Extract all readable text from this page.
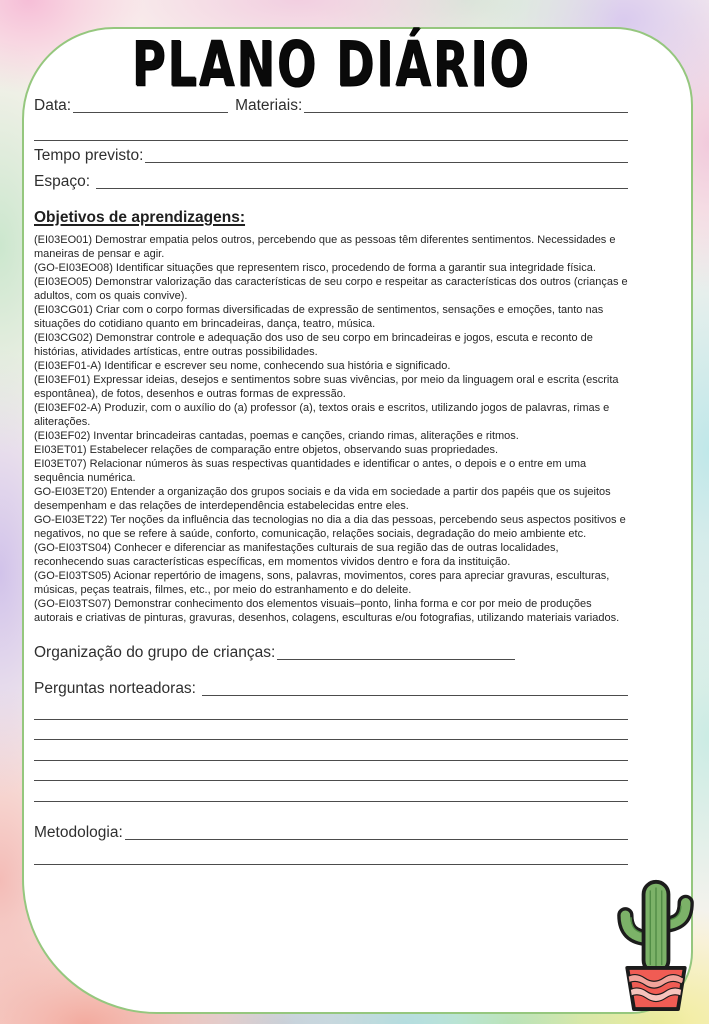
PLANO DIÁRIO
Data:	Materiais:
Tempo previsto:
Espaço:
Objetivos de aprendizagens:

(EI03EO01) Demostrar empatia pelos outros, percebendo que as pessoas têm diferentes sentimentos. Necessidades e maneiras de pensar e agir.

(GO-EI03EO08) Identificar situações que representem risco, procedendo de forma a garantir sua integridade física.

(EI03EO05) Demonstrar valorização das características de seu corpo e respeitar as características dos outros (crianças e adultos, com os quais convive).

(EI03CG01) Criar com o corpo formas diversificadas de expressão de sentimentos, sensações e emoções, tanto nas situações do cotidiano quanto em brincadeiras, dança, teatro, música.

(EI03CG02) Demonstrar controle e adequação dos uso de seu corpo em brincadeiras e jogos, escuta e reconto de histórias, atividades artísticas, entre outras possibilidades.

(EI03EF01-A) Identificar e escrever seu nome, conhecendo sua história e significado.

(EI03EF01) Expressar ideias, desejos e sentimentos sobre suas vivências, por meio da linguagem oral e escrita (escrita espontânea), de fotos, desenhos e outras formas de expressão.

(EI03EF02-A) Produzir, com o auxílio do (a) professor (a), textos orais e escritos, utilizando jogos de palavras, rimas e aliterações.

(EI03EF02) Inventar brincadeiras cantadas, poemas e canções, criando rimas, aliterações e ritmos.

EI03ET01) Estabelecer relações de comparação entre objetos, observando suas propriedades.

EI03ET07) Relacionar números às suas respectivas quantidades e identificar o antes, o depois e o entre em uma sequência numérica.

GO-EI03ET20) Entender a organização dos grupos sociais e da vida em sociedade a partir dos papéis que os sujeitos desempenham e das relações de interdependência estabelecidas entre eles.

GO-EI03ET22) Ter noções da influência das tecnologias no dia a dia das pessoas, percebendo seus aspectos positivos e negativos, no que se refere à saúde, conforto, comunicação, relações sociais, degradação do meio ambiente etc.

(GO-EI03TS04) Conhecer e diferenciar as manifestações culturais de sua região das de outras localidades, reconhecendo suas características específicas, em momentos vividos dentro e fora da instituição.

(GO-EI03TS05) Acionar repertório de imagens, sons, palavras, movimentos, cores para apreciar gravuras, esculturas, músicas, peças teatrais, filmes, etc., por meio do estranhamento e do deleite.

(GO-EI03TS07) Demonstrar conhecimento dos elementos visuais–ponto, linha forma e cor por meio de produções autorais e criativas de pinturas, gravuras, desenhos, colagens, esculturas e/ou fotografias, utilizando materiais variados.

Organização do grupo de crianças:
Perguntas norteadoras:
Metodologia:
